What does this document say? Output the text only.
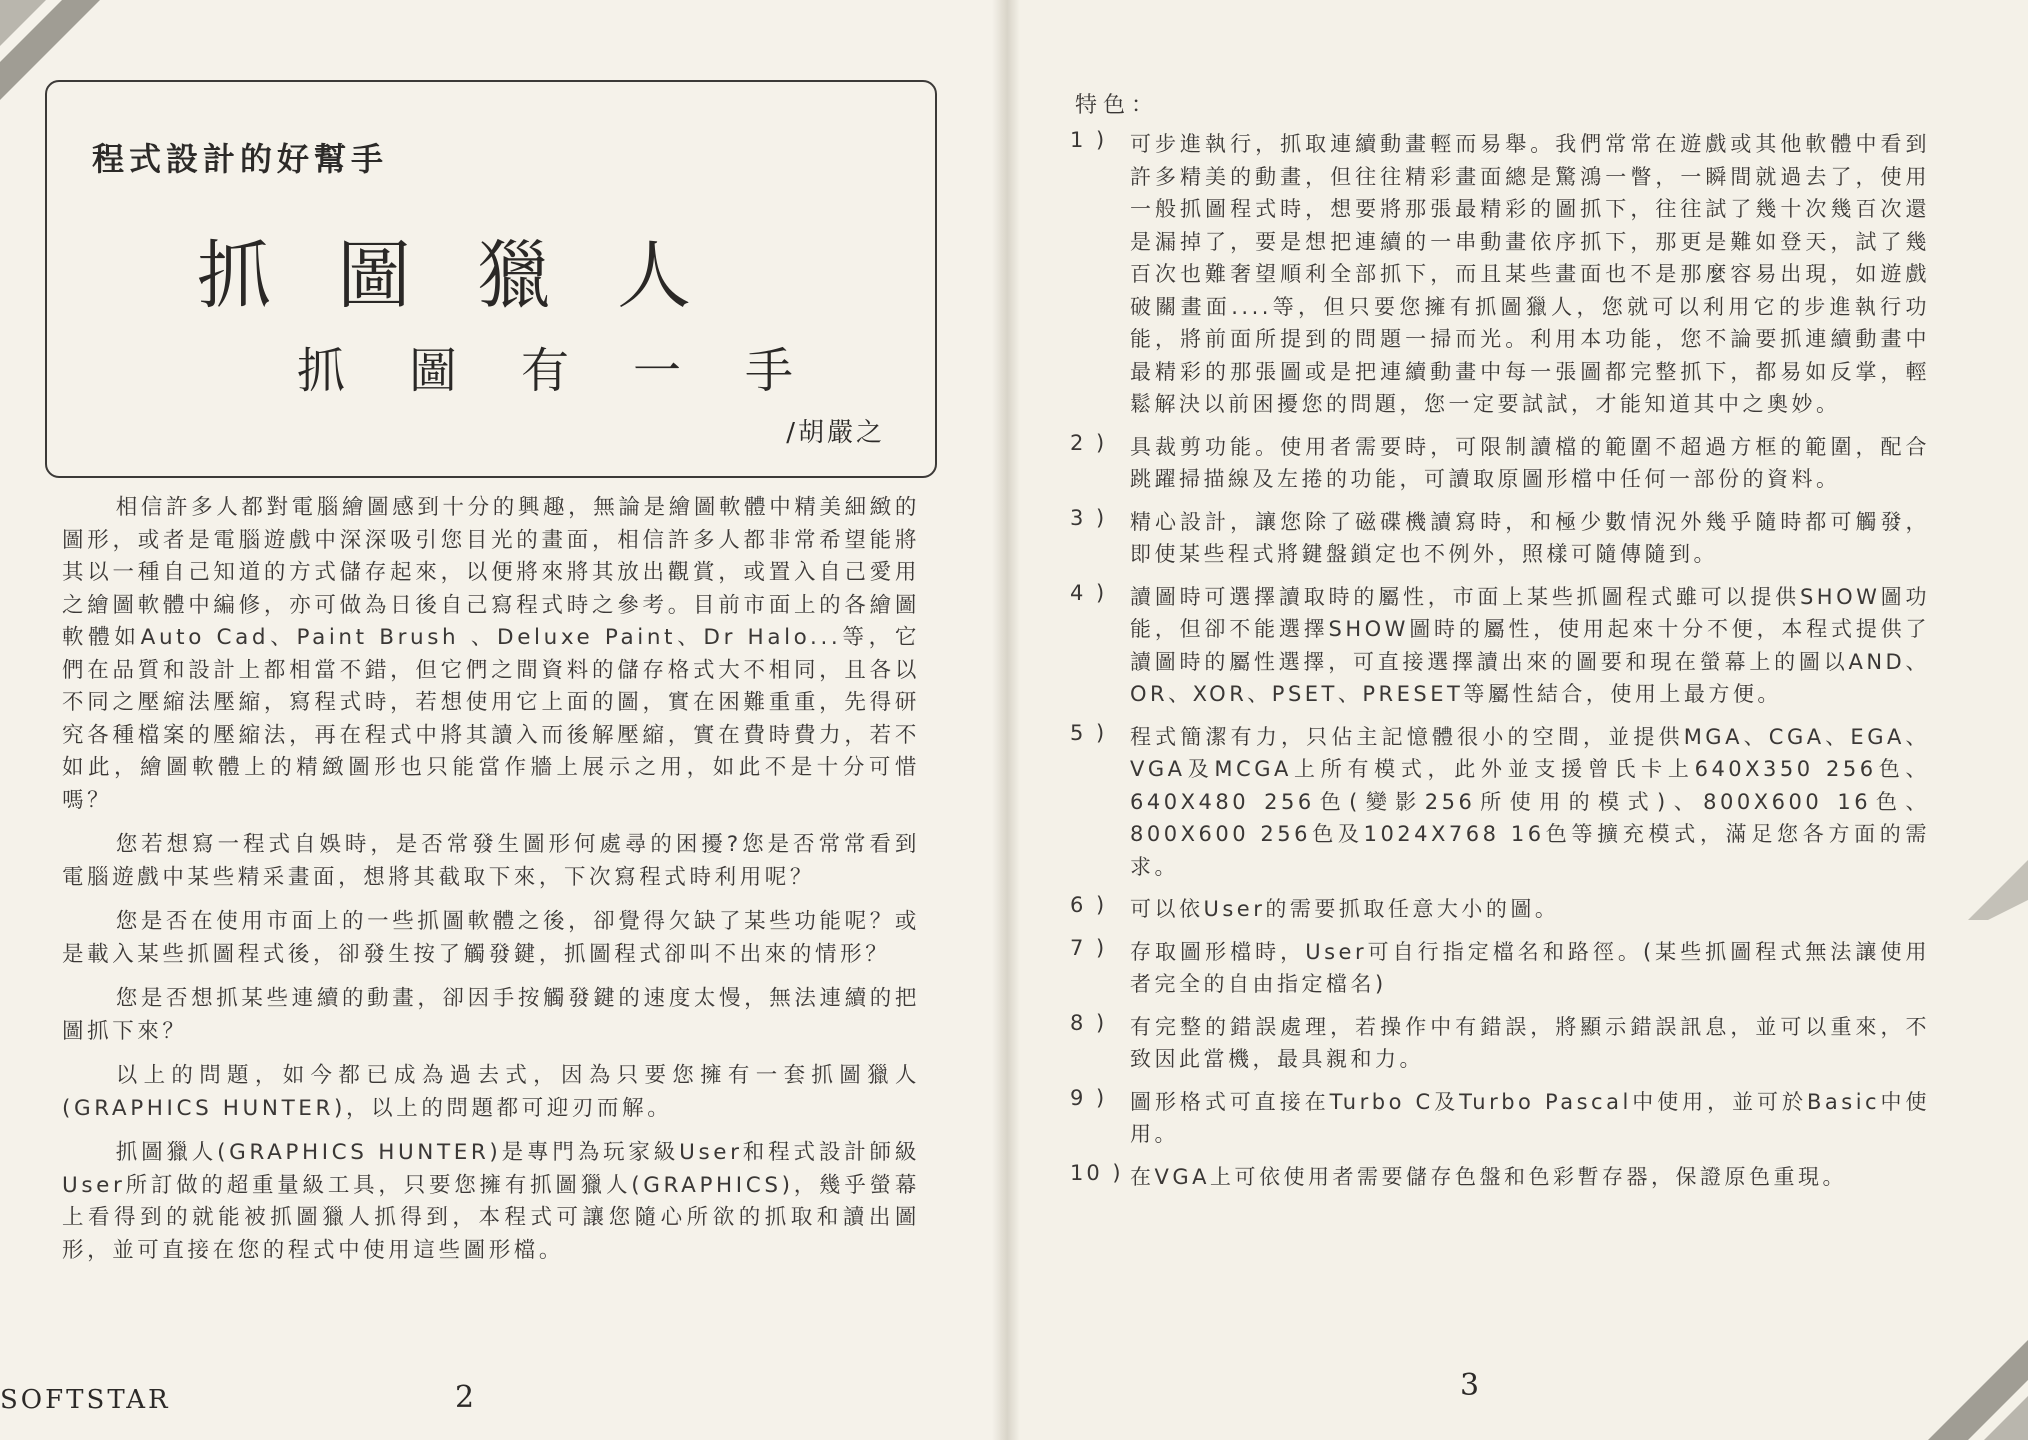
程式設計的好幫手
抓圖獵人
抓圖有一手
/胡嚴之

相信許多人都對電腦繪圖感到十分的興趣，無論是繪圖軟體中精美細緻的圖形，或者是電腦遊戲中深深吸引您目光的畫面，相信許多人都非常希望能將其以一種自己知道的方式儲存起來，以便將來將其放出觀賞，或置入自己愛用之繪圖軟體中編修，亦可做為日後自己寫程式時之參考。目前市面上的各繪圖軟體如Auto Cad、Paint Brush 、Deluxe Paint、Dr Halo...等，它們在品質和設計上都相當不錯，但它們之間資料的儲存格式大不相同，且各以不同之壓縮法壓縮，寫程式時，若想使用它上面的圖，實在困難重重，先得研究各種檔案的壓縮法，再在程式中將其讀入而後解壓縮，實在費時費力，若不如此，繪圖軟體上的精緻圖形也只能當作牆上展示之用，如此不是十分可惜嗎？

您若想寫一程式自娛時，是否常發生圖形何處尋的困擾?您是否常常看到電腦遊戲中某些精采畫面，想將其截取下來，下次寫程式時利用呢？

您是否在使用市面上的一些抓圖軟體之後，卻覺得欠缺了某些功能呢？或是載入某些抓圖程式後，卻發生按了觸發鍵，抓圖程式卻叫不出來的情形？

您是否想抓某些連續的動畫，卻因手按觸發鍵的速度太慢，無法連續的把圖抓下來？

以上的問題，如今都已成為過去式，因為只要您擁有一套抓圖獵人(GRAPHICS HUNTER)，以上的問題都可迎刃而解。

抓圖獵人(GRAPHICS HUNTER)是專門為玩家級User和程式設計師級User所訂做的超重量級工具，只要您擁有抓圖獵人(GRAPHICS)，幾乎螢幕上看得到的就能被抓圖獵人抓得到，本程式可讓您隨心所欲的抓取和讀出圖形，並可直接在您的程式中使用這些圖形檔。

SOFTSTAR	2
特色：
1 ) 可步進執行，抓取連續動畫輕而易舉。我們常常在遊戲或其他軟體中看到許多精美的動畫，但往往精彩畫面總是驚鴻一瞥，一瞬間就過去了，使用一般抓圖程式時，想要將那張最精彩的圖抓下，往往試了幾十次幾百次還是漏掉了，要是想把連續的一串動畫依序抓下，那更是難如登天，試了幾百次也難奢望順利全部抓下，而且某些畫面也不是那麼容易出現，如遊戲破關畫面....等，但只要您擁有抓圖獵人，您就可以利用它的步進執行功能，將前面所提到的問題一掃而光。利用本功能，您不論要抓連續動畫中最精彩的那張圖或是把連續動畫中每一張圖都完整抓下，都易如反掌，輕鬆解決以前困擾您的問題，您一定要試試，才能知道其中之奧妙。
2 ) 具裁剪功能。使用者需要時，可限制讀檔的範圍不超過方框的範圍，配合跳躍掃描線及左捲的功能，可讀取原圖形檔中任何一部份的資料。
3 ) 精心設計，讓您除了磁碟機讀寫時，和極少數情況外幾乎隨時都可觸發，即使某些程式將鍵盤鎖定也不例外，照樣可隨傳隨到。
4 ) 讀圖時可選擇讀取時的屬性，市面上某些抓圖程式雖可以提供SHOW圖功能，但卻不能選擇SHOW圖時的屬性，使用起來十分不便，本程式提供了讀圖時的屬性選擇，可直接選擇讀出來的圖要和現在螢幕上的圖以AND、OR、XOR、PSET、PRESET等屬性結合，使用上最方便。
5 ) 程式簡潔有力，只佔主記憶體很小的空間，並提供MGA、CGA、EGA、VGA及MCGA上所有模式，此外並支援曾氏卡上640X350 256色、640X480 256色(變影256所使用的模式)、800X600 16色、800X600 256色及1024X768 16色等擴充模式，滿足您各方面的需求。
6 ) 可以依User的需要抓取任意大小的圖。
7 ) 存取圖形檔時，User可自行指定檔名和路徑。(某些抓圖程式無法讓使用者完全的自由指定檔名)
8 ) 有完整的錯誤處理，若操作中有錯誤，將顯示錯誤訊息，並可以重來，不致因此當機，最具親和力。
9 ) 圖形格式可直接在Turbo C及Turbo Pascal中使用，並可於Basic中使用。
10 ) 在VGA上可依使用者需要儲存色盤和色彩暫存器，保證原色重現。
3
